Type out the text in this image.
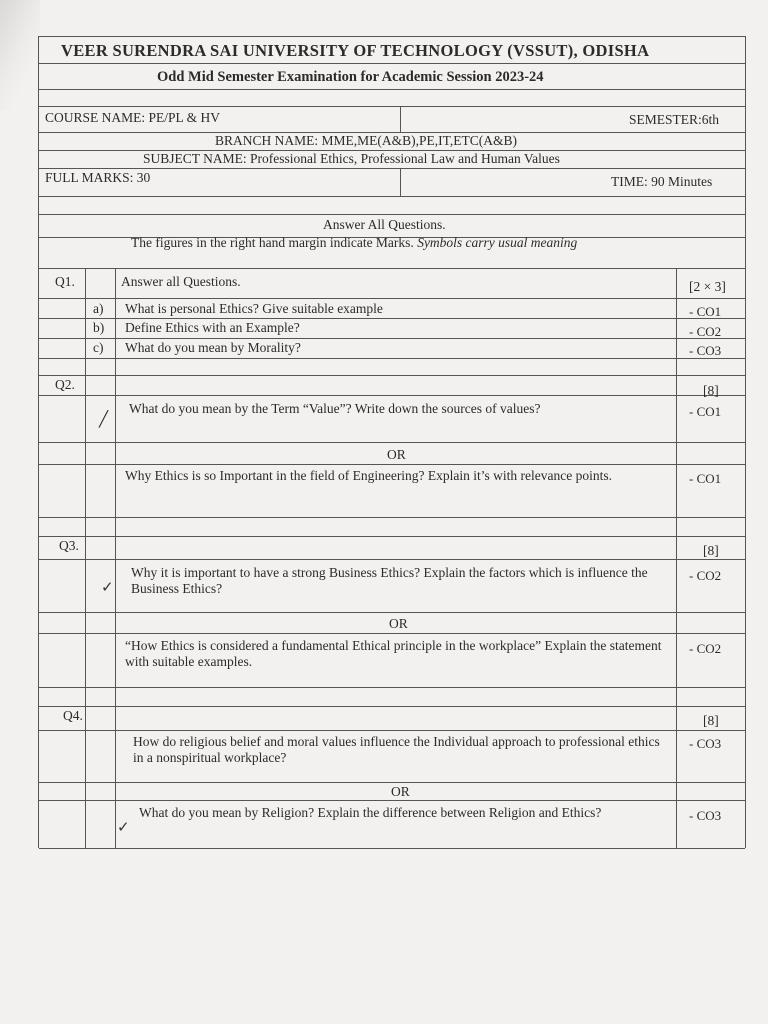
VEER SURENDRA SAI UNIVERSITY OF TECHNOLOGY (VSSUT), ODISHA
Odd Mid Semester Examination for Academic Session 2023-24
COURSE NAME: PE/PL & HV	SEMESTER:6th
BRANCH NAME: MME,ME(A&B),PE,IT,ETC(A&B)
SUBJECT NAME: Professional Ethics, Professional Law and Human Values
FULL MARKS: 30	TIME: 90 Minutes
Answer All Questions.
The figures in the right hand margin indicate Marks. Symbols carry usual meaning
Q1.	Answer all Questions.	[2 × 3]
a) What is personal Ethics? Give suitable example	- CO1
b) Define Ethics with an Example?	- CO2
c) What do you mean by Morality?	- CO3
Q2.	[8]
What do you mean by the Term “Value”? Write down the sources of values?	- CO1
╱
OR
Why Ethics is so Important in the field of Engineering? Explain it’s with relevance points.	- CO1
Q3.	[8]
Why it is important to have a strong Business Ethics? Explain the factors which is influence the Business Ethics?
- CO2
✓
OR
“How Ethics is considered a fundamental Ethical principle in the workplace” Explain the statement with suitable examples.
- CO2
Q4.	[8]
How do religious belief and moral values influence the Individual approach to professional ethics in a nonspiritual workplace?
- CO3
OR
What do you mean by Religion? Explain the difference between Religion and Ethics?	- CO3
✓
